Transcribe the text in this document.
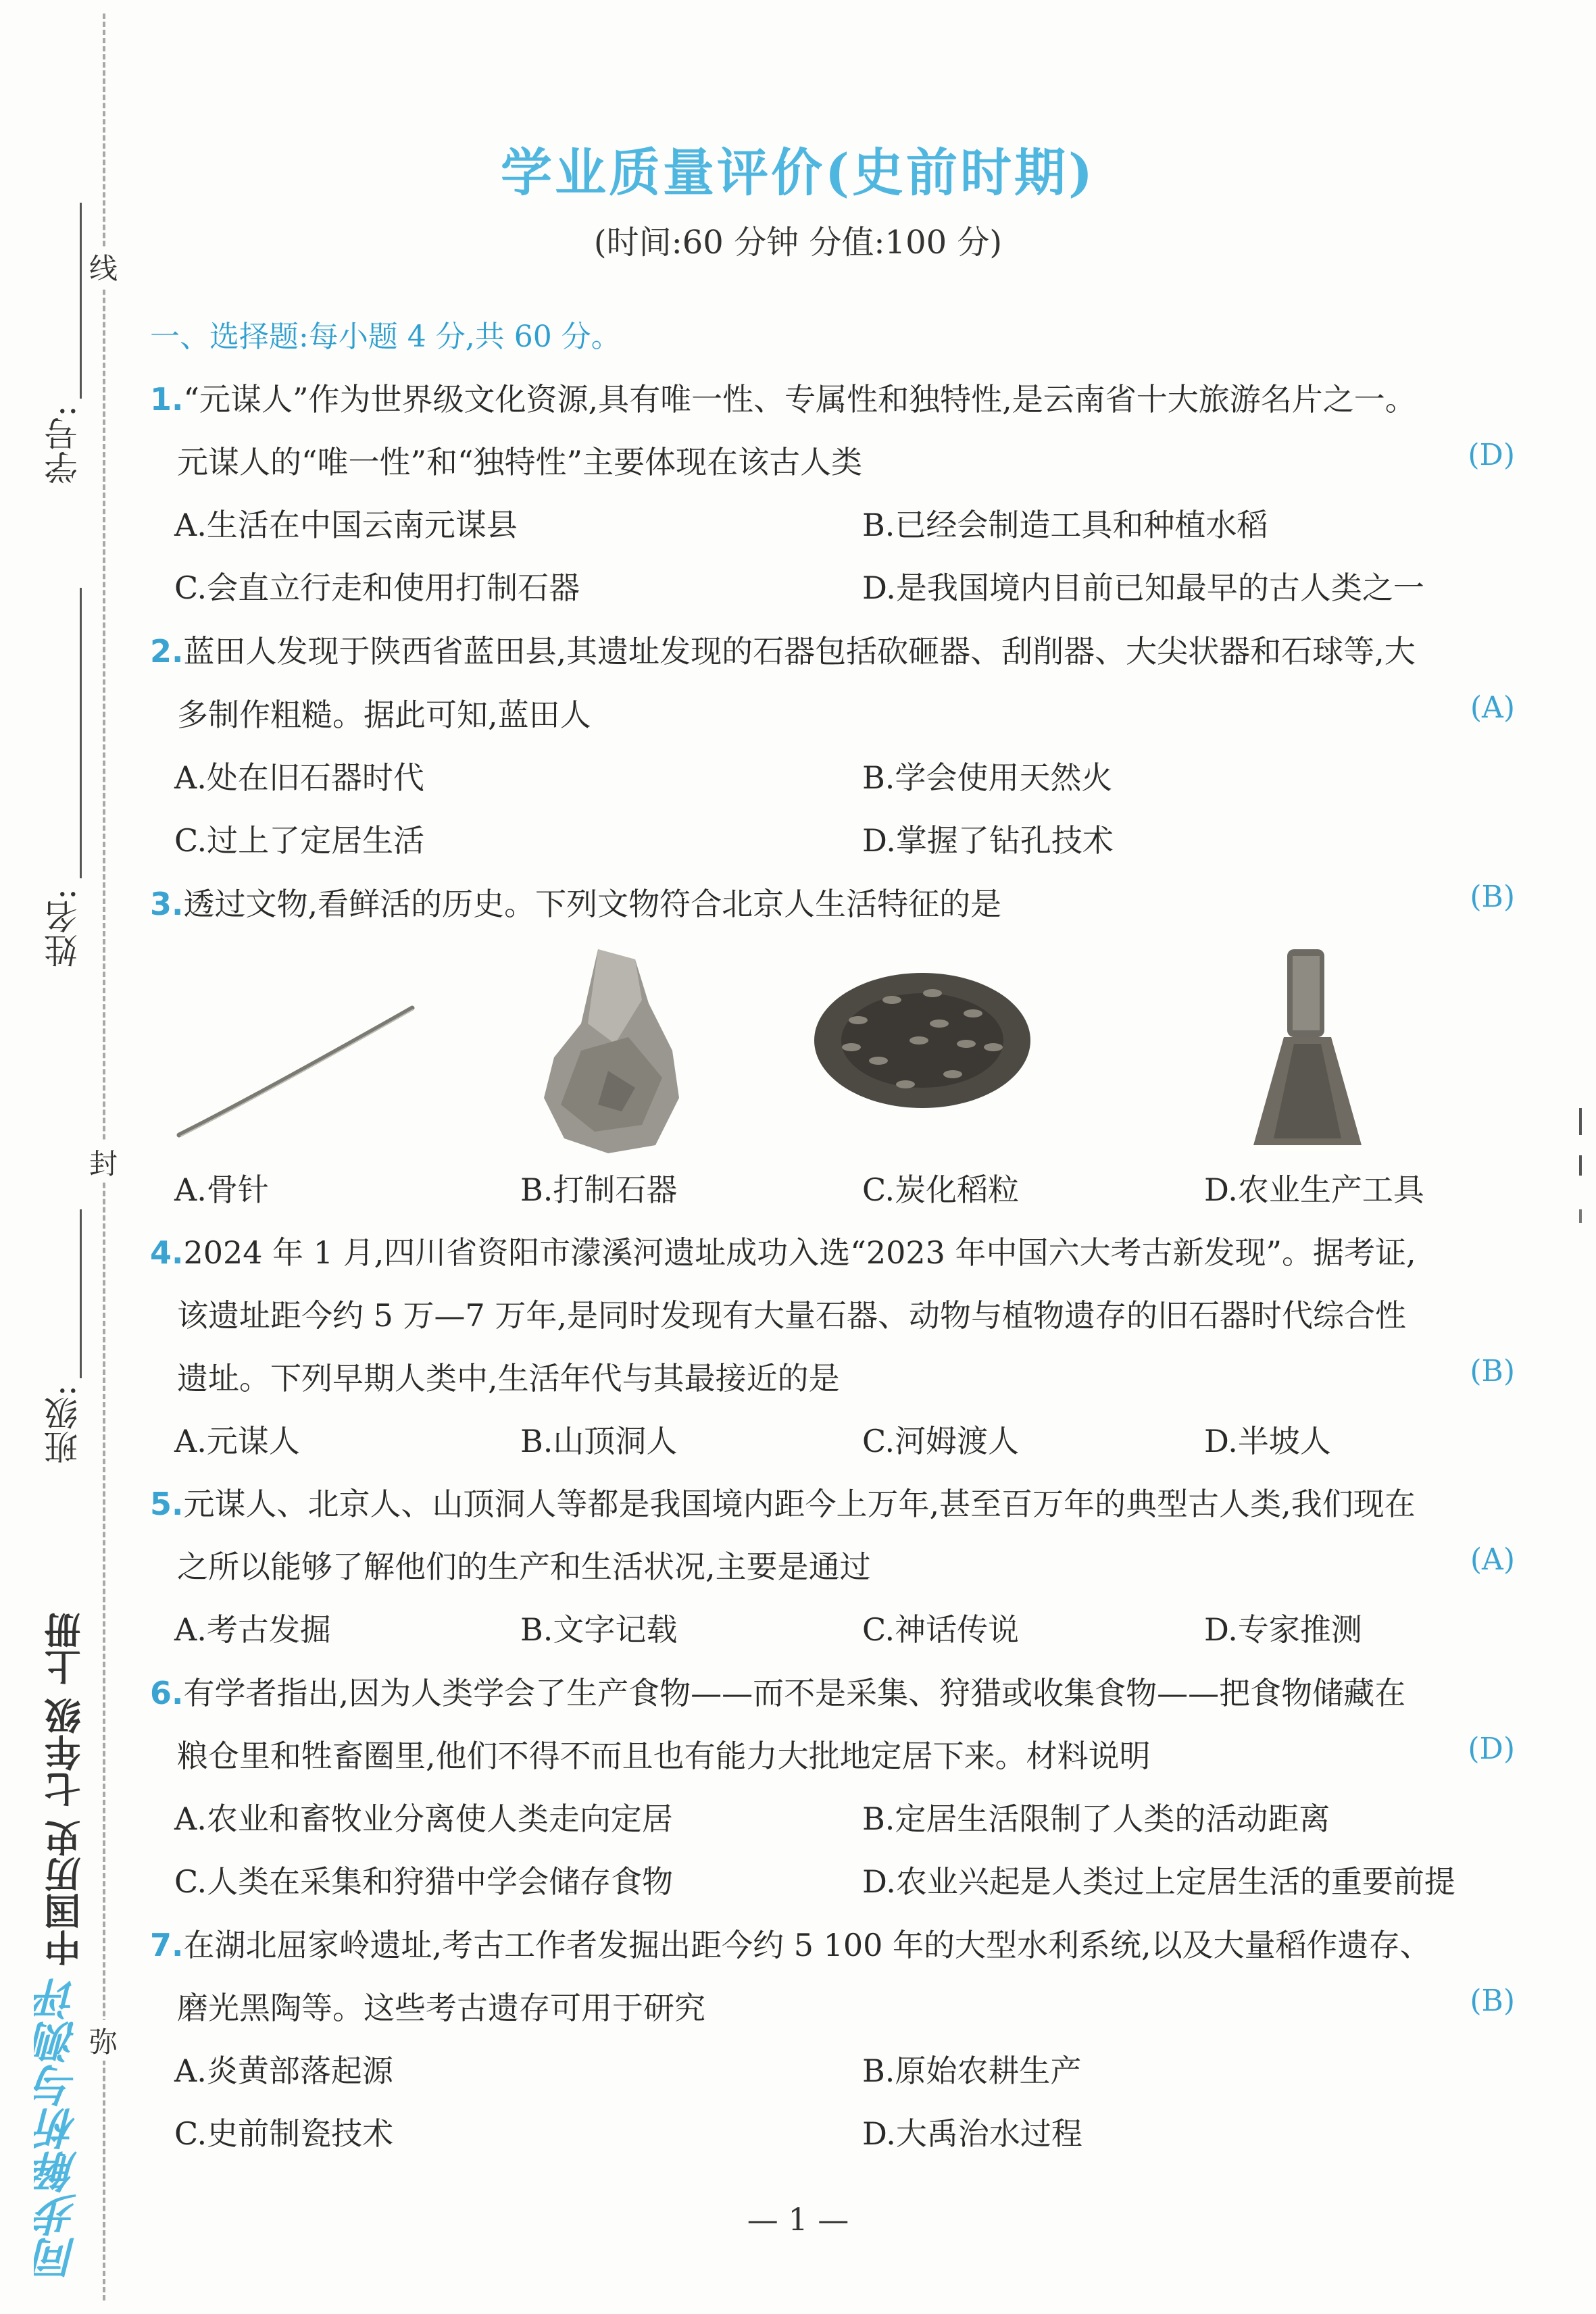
线
封
弥
学号:
姓名:
班级:
中国历史 七年级 上册
同步解析与测评
学业质量评价(史前时期)
(时间:60 分钟 分值:100 分)
一、选择题:每小题 4 分,共 60 分。
1.“元谋人”作为世界级文化资源,具有唯一性、专属性和独特性,是云南省十大旅游名片之一。
元谋人的“唯一性”和“独特性”主要体现在该古人类	(D)
A.生活在中国云南元谋县	B.已经会制造工具和种植水稻
C.会直立行走和使用打制石器	D.是我国境内目前已知最早的古人类之一
2.蓝田人发现于陕西省蓝田县,其遗址发现的石器包括砍砸器、刮削器、大尖状器和石球等,大
多制作粗糙。据此可知,蓝田人	(A)
A.处在旧石器时代	B.学会使用天然火
C.过上了定居生活	D.掌握了钻孔技术
3.透过文物,看鲜活的历史。下列文物符合北京人生活特征的是	(B)
A.骨针	B.打制石器	C.炭化稻粒	D.农业生产工具
4.2024 年 1 月,四川省资阳市濛溪河遗址成功入选“2023 年中国六大考古新发现”。据考证,
该遗址距今约 5 万—7 万年,是同时发现有大量石器、动物与植物遗存的旧石器时代综合性
遗址。下列早期人类中,生活年代与其最接近的是	(B)
A.元谋人	B.山顶洞人	C.河姆渡人	D.半坡人
5.元谋人、北京人、山顶洞人等都是我国境内距今上万年,甚至百万年的典型古人类,我们现在
之所以能够了解他们的生产和生活状况,主要是通过	(A)
A.考古发掘	B.文字记载	C.神话传说	D.专家推测
6.有学者指出,因为人类学会了生产食物——而不是采集、狩猎或收集食物——把食物储藏在
粮仓里和牲畜圈里,他们不得不而且也有能力大批地定居下来。材料说明	(D)
A.农业和畜牧业分离使人类走向定居	B.定居生活限制了人类的活动距离
C.人类在采集和狩猎中学会储存食物	D.农业兴起是人类过上定居生活的重要前提
7.在湖北屈家岭遗址,考古工作者发掘出距今约 5 100 年的大型水利系统,以及大量稻作遗存、
磨光黑陶等。这些考古遗存可用于研究	(B)
A.炎黄部落起源	B.原始农耕生产
C.史前制瓷技术	D.大禹治水过程
— 1 —
